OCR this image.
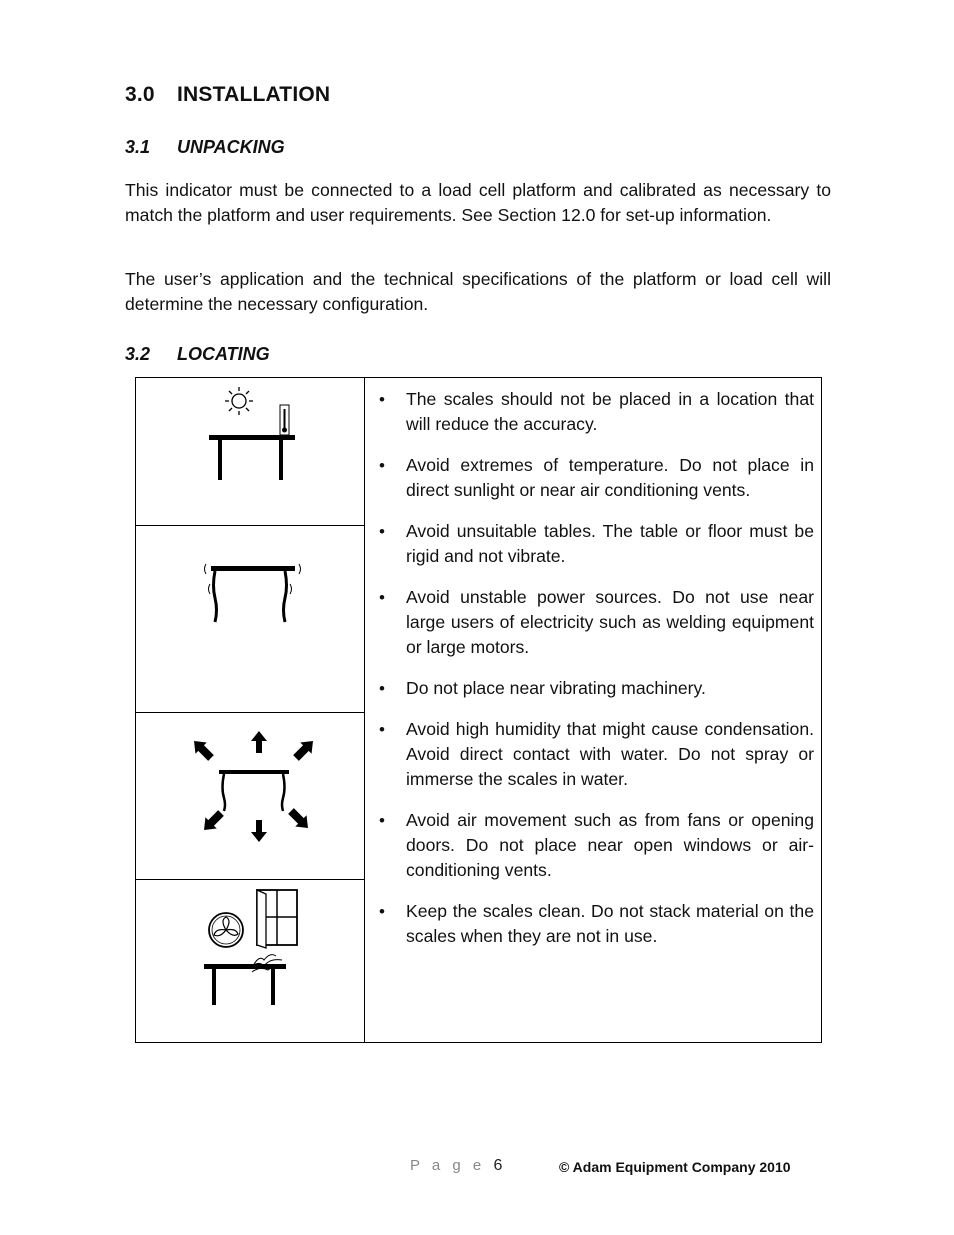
3.0 INSTALLATION
3.1 UNPACKING

This indicator must be connected to a load cell platform and calibrated as necessary to match the platform and user requirements. See Section 12.0 for set-up information.

The user’s application and the technical specifications of the platform or load cell will determine the necessary configuration.

3.2 LOCATING
• The scales should not be placed in a location that will reduce the accuracy.
• Avoid extremes of temperature. Do not place in direct sunlight or near air conditioning vents.
• Avoid unsuitable tables. The table or floor must be rigid and not vibrate.
• Avoid unstable power sources. Do not use near large users of electricity such as welding equipment or large motors.
• Do not place near vibrating machinery.
• Avoid high humidity that might cause condensation. Avoid direct contact with water. Do not spray or immerse the scales in water.
• Avoid air movement such as from fans or opening doors. Do not place near open windows or air-conditioning vents.
• Keep the scales clean. Do not stack material on the scales when they are not in use.
P a g e 6	© Adam Equipment Company 2010
